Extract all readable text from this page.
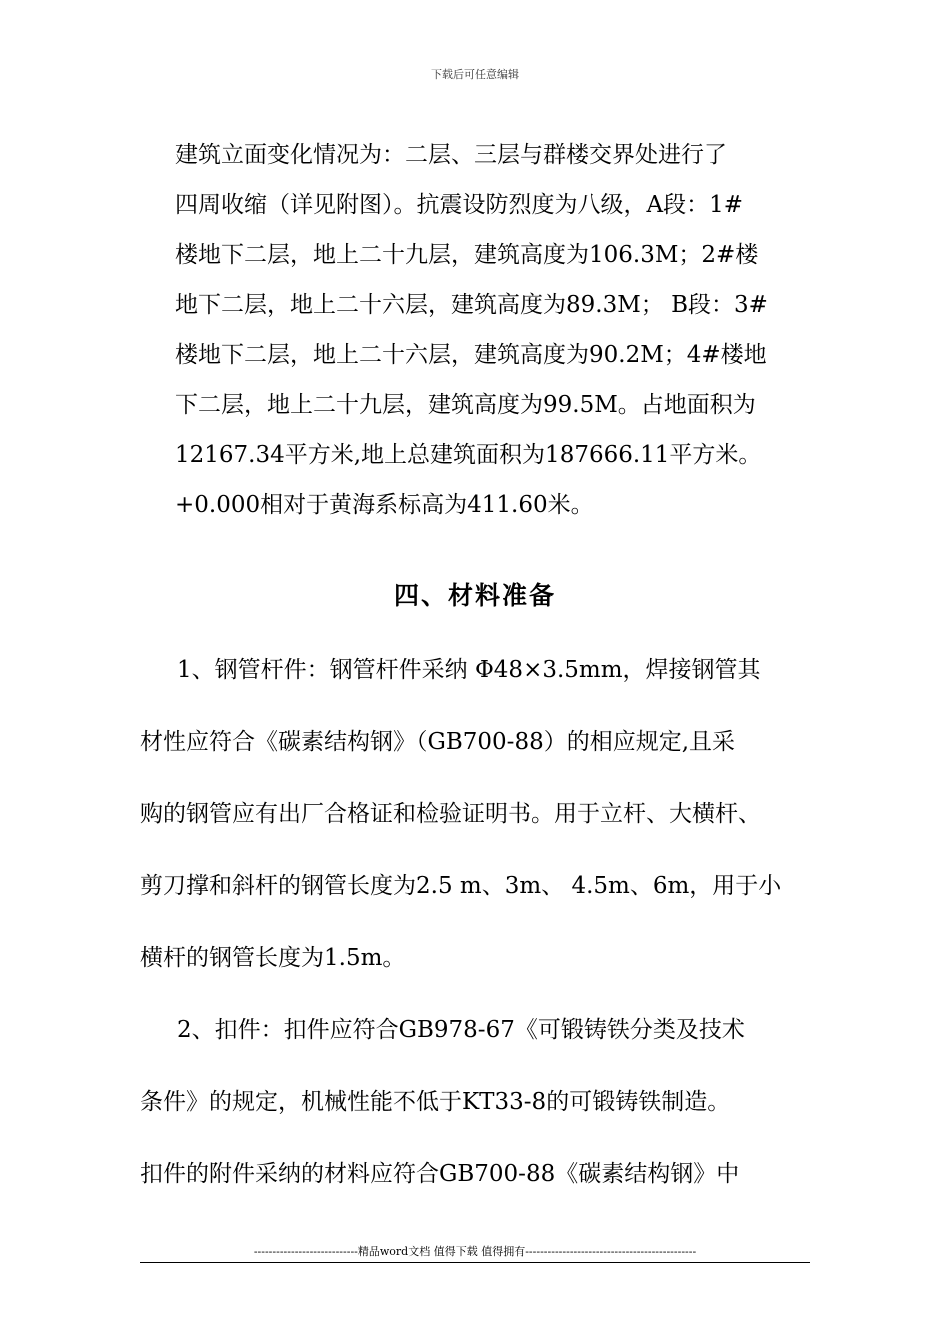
下载后可任意编辑
建筑立面变化情况为：二层、三层与群楼交界处进行了
四周收缩（详见附图）。抗震设防烈度为八级，A段：1#
楼地下二层，地上二十九层，建筑高度为106.3M；2#楼
地下二层，地上二十六层，建筑高度为89.3M； B段：3#
楼地下二层，地上二十六层，建筑高度为90.2M；4#楼地
下二层，地上二十九层，建筑高度为99.5M。占地面积为
12167.34平方米,地上总建筑面积为187666.11平方米。
+0.000相对于黄海系标高为411.60米。
四、材料准备
1、钢管杆件：钢管杆件采纳 Φ48×3.5mm，焊接钢管其
材性应符合《碳素结构钢》（GB700-88）的相应规定,且采
购的钢管应有出厂合格证和检验证明书。用于立杆、大横杆、
剪刀撑和斜杆的钢管长度为2.5 m、3m、 4.5m、6m，用于小
横杆的钢管长度为1.5m。
2、扣件：扣件应符合GB978-67《可锻铸铁分类及技术
条件》的规定，机械性能不低于KT33-8的可锻铸铁制造。
扣件的附件采纳的材料应符合GB700-88《碳素结构钢》中
----------------------------精品word文档 值得下载 值得拥有----------------------------------------------
